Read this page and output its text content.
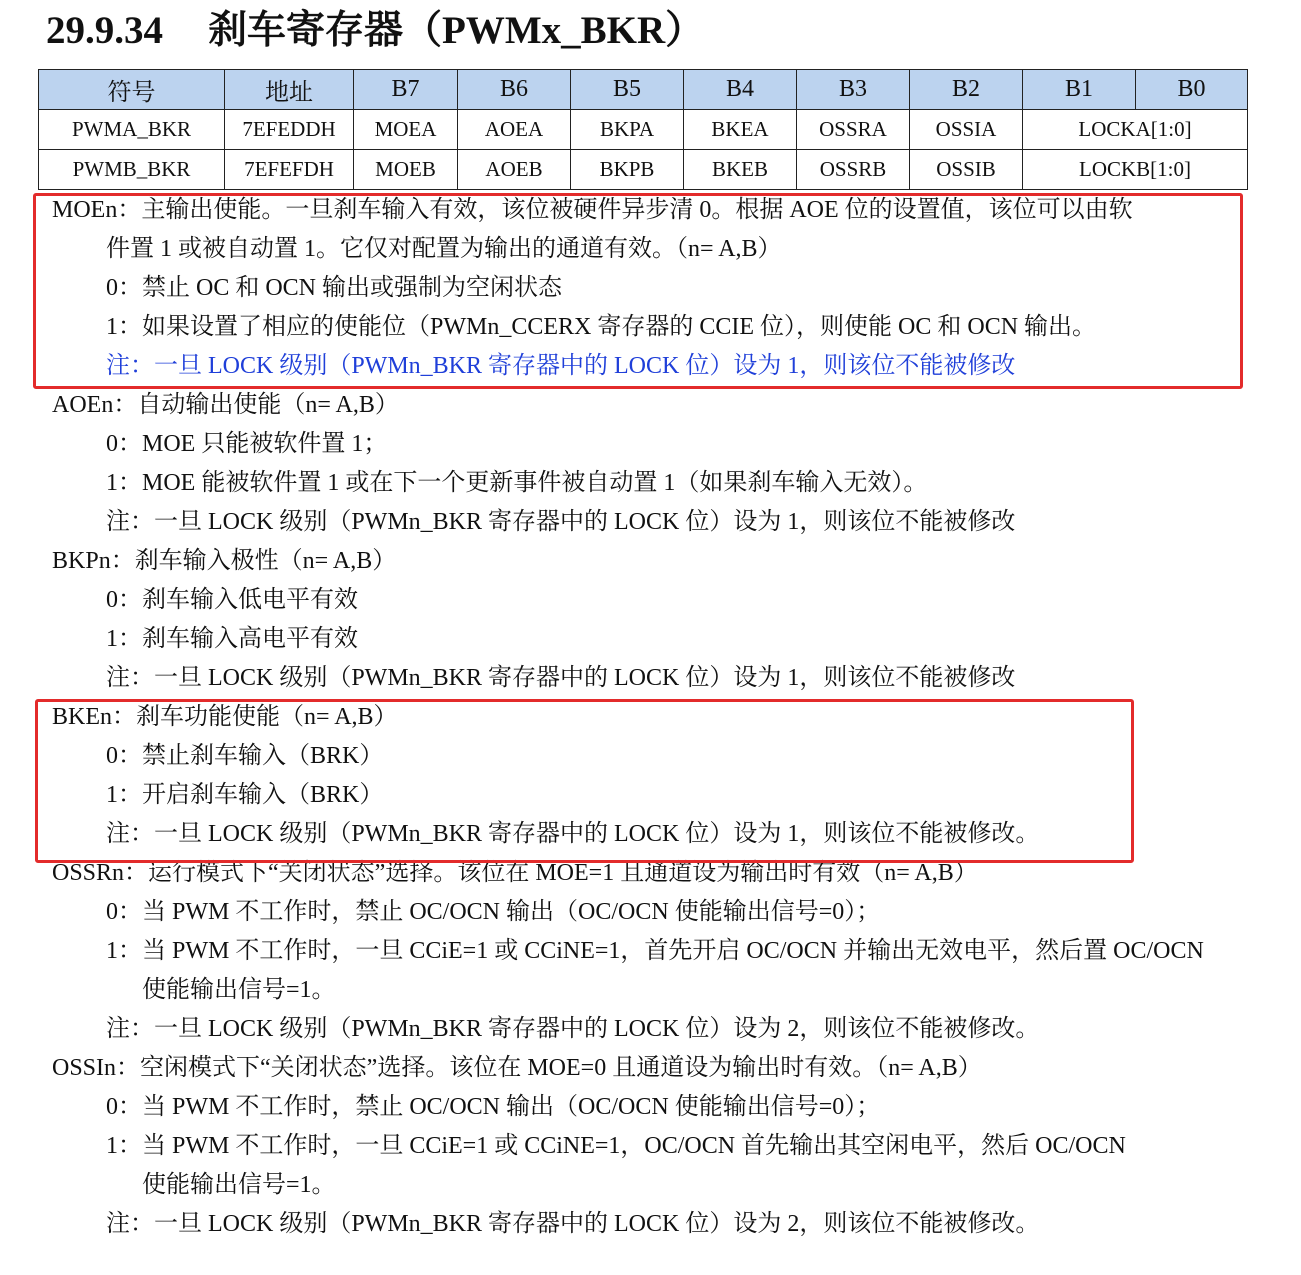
29.9.34 刹车寄存器（PWMx_BKR）
符号	地址	B7	B6	B5	B4	B3	B2	B1	B0
PWMA_BKR	7EFEDDH	MOEA	AOEA	BKPA	BKEA	OSSRA	OSSIA	LOCKA[1:0]	
PWMB_BKR	7EFEFDH	MOEB	AOEB	BKPB	BKEB	OSSRB	OSSIB	LOCKB[1:0]	
MOEn：主输出使能。一旦刹车输入有效，该位被硬件异步清 0。根据 AOE 位的设置值，该位可以由软
件置 1 或被自动置 1。它仅对配置为输出的通道有效。（n= A,B）
0：禁止 OC 和 OCN 输出或强制为空闲状态
1：如果设置了相应的使能位（PWMn_CCERX 寄存器的 CCIE 位），则使能 OC 和 OCN 输出。
注：一旦 LOCK 级别（PWMn_BKR 寄存器中的 LOCK 位）设为 1，则该位不能被修改
AOEn：自动输出使能（n= A,B）
0：MOE 只能被软件置 1；
1：MOE 能被软件置 1 或在下一个更新事件被自动置 1（如果刹车输入无效）。
注：一旦 LOCK 级别（PWMn_BKR 寄存器中的 LOCK 位）设为 1，则该位不能被修改
BKPn：刹车输入极性（n= A,B）
0：刹车输入低电平有效
1：刹车输入高电平有效
注：一旦 LOCK 级别（PWMn_BKR 寄存器中的 LOCK 位）设为 1，则该位不能被修改
BKEn：刹车功能使能（n= A,B）
0：禁止刹车输入（BRK）
1：开启刹车输入（BRK）
注：一旦 LOCK 级别（PWMn_BKR 寄存器中的 LOCK 位）设为 1，则该位不能被修改。
OSSRn：运行模式下“关闭状态”选择。该位在 MOE=1 且通道设为输出时有效（n= A,B）
0：当 PWM 不工作时，禁止 OC/OCN 输出（OC/OCN 使能输出信号=0）；
1：当 PWM 不工作时，一旦 CCiE=1 或 CCiNE=1，首先开启 OC/OCN 并输出无效电平，然后置 OC/OCN
使能输出信号=1。
注：一旦 LOCK 级别（PWMn_BKR 寄存器中的 LOCK 位）设为 2，则该位不能被修改。
OSSIn：空闲模式下“关闭状态”选择。该位在 MOE=0 且通道设为输出时有效。（n= A,B）
0：当 PWM 不工作时，禁止 OC/OCN 输出（OC/OCN 使能输出信号=0）；
1：当 PWM 不工作时，一旦 CCiE=1 或 CCiNE=1，OC/OCN 首先输出其空闲电平，然后 OC/OCN
使能输出信号=1。
注：一旦 LOCK 级别（PWMn_BKR 寄存器中的 LOCK 位）设为 2，则该位不能被修改。
